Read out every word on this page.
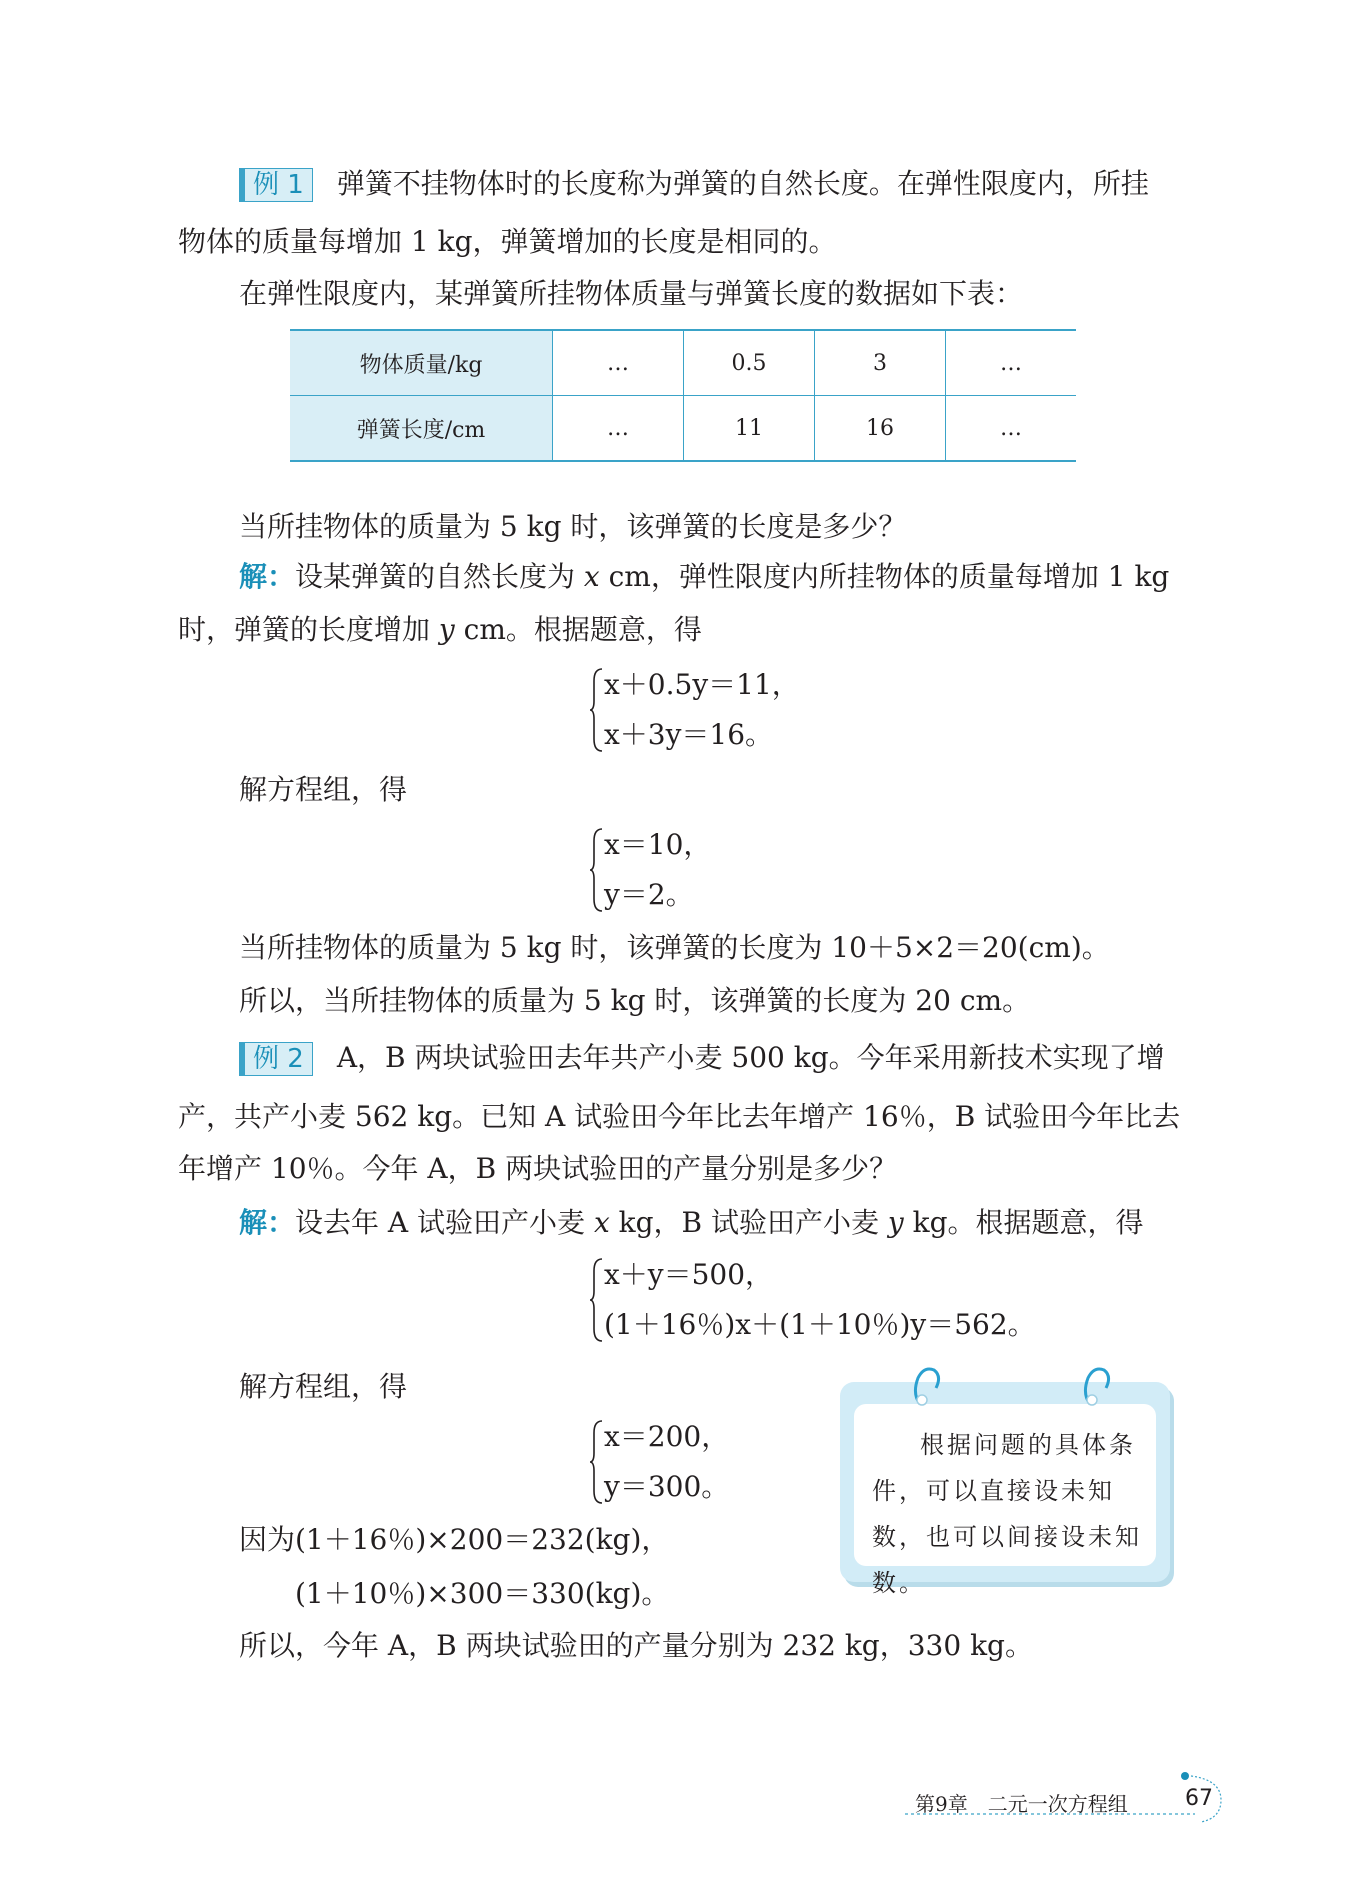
例 1 弹簧不挂物体时的长度称为弹簧的自然长度。在弹性限度内，所挂
物体的质量每增加 1 kg，弹簧增加的长度是相同的。
在弹性限度内，某弹簧所挂物体质量与弹簧长度的数据如下表：
物体质量/kg	…	0.5	3	…
弹簧长度/cm	…	11	16	…
当所挂物体的质量为 5 kg 时，该弹簧的长度是多少？
解：设某弹簧的自然长度为 x cm，弹性限度内所挂物体的质量每增加 1 kg
时，弹簧的长度增加 y cm。根据题意，得
x＋0.5y＝11，
x＋3y＝16。
解方程组，得
x＝10，
y＝2。
当所挂物体的质量为 5 kg 时，该弹簧的长度为 10＋5×2＝20(cm)。
所以，当所挂物体的质量为 5 kg 时，该弹簧的长度为 20 cm。
例 2 A，B 两块试验田去年共产小麦 500 kg。今年采用新技术实现了增
产，共产小麦 562 kg。已知 A 试验田今年比去年增产 16％，B 试验田今年比去
年增产 10％。今年 A，B 两块试验田的产量分别是多少？
解：设去年 A 试验田产小麦 x kg，B 试验田产小麦 y kg。根据题意，得
x＋y＝500，
(1＋16％)x＋(1＋10％)y＝562。
解方程组，得
x＝200，
y＝300。
因为(1＋16％)×200＝232(kg)，
(1＋10％)×300＝330(kg)。
所以，今年 A，B 两块试验田的产量分别为 232 kg，330 kg。
根据问题的具体条件，可以直接设未知数，也可以间接设未知数。
第9章　二元一次方程组	67
